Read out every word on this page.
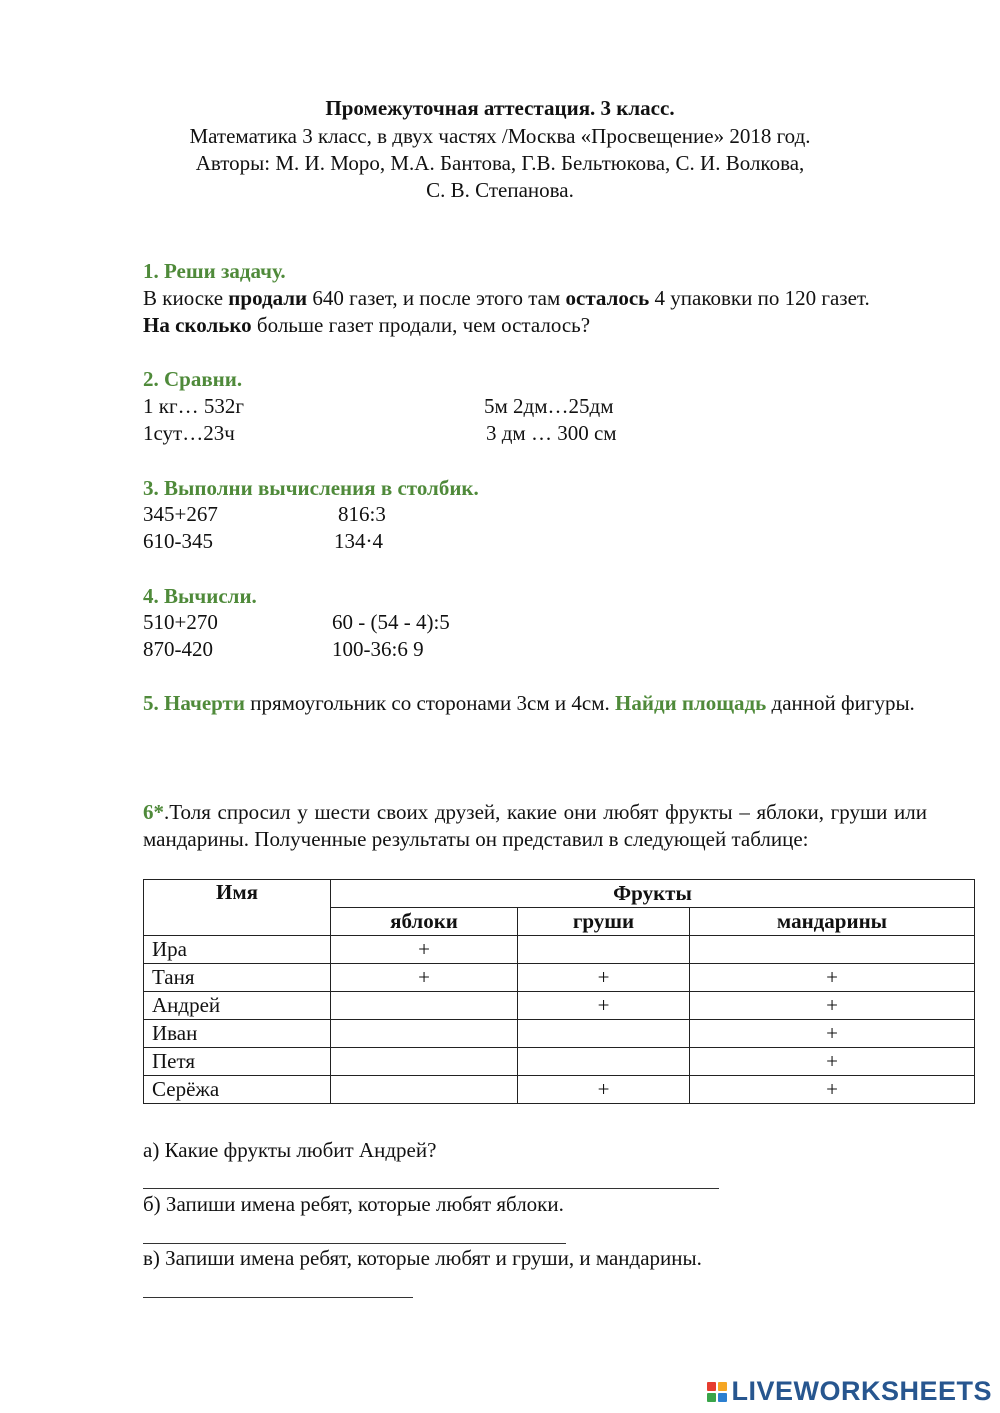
Промежуточная аттестация. 3 класс.
Математика 3 класс, в двух частях /Москва «Просвещение» 2018 год.
Авторы: М. И. Моро, М.А. Бантова, Г.В. Бельтюкова, С. И. Волкова,
С. В. Степанова.
1. Реши задачу.
В киоске продали 640 газет, и после этого там осталось 4 упаковки по 120 газет. На сколько больше газет продали, чем осталось?
2. Сравни.
1 кг… 532г	5м 2дм…25дм
1сут…23ч	3 дм … 300 см
3. Выполни вычисления в столбик.
345+267	816:3
610-345	134·4
4. Вычисли.
510+270	60 - (54 - 4):5
870-420	100-36:6 9
5. Начерти прямоугольник со сторонами 3см и 4см. Найди площадь данной фигуры.
6*.Толя спросил у шести своих друзей, какие они любят фрукты – яблоки, груши или мандарины. Полученные результаты он представил в следующей таблице:
Имя	Фрукты		
	яблоки	груши	мандарины
Ира	+		
Таня	+	+	+
Андрей		+	+
Иван			+
Петя			+
Серёжа		+	+
а) Какие фрукты любит Андрей?
б) Запиши имена ребят, которые любят яблоки.
в) Запиши имена ребят, которые любят и груши, и мандарины.
LIVEWORKSHEETS
